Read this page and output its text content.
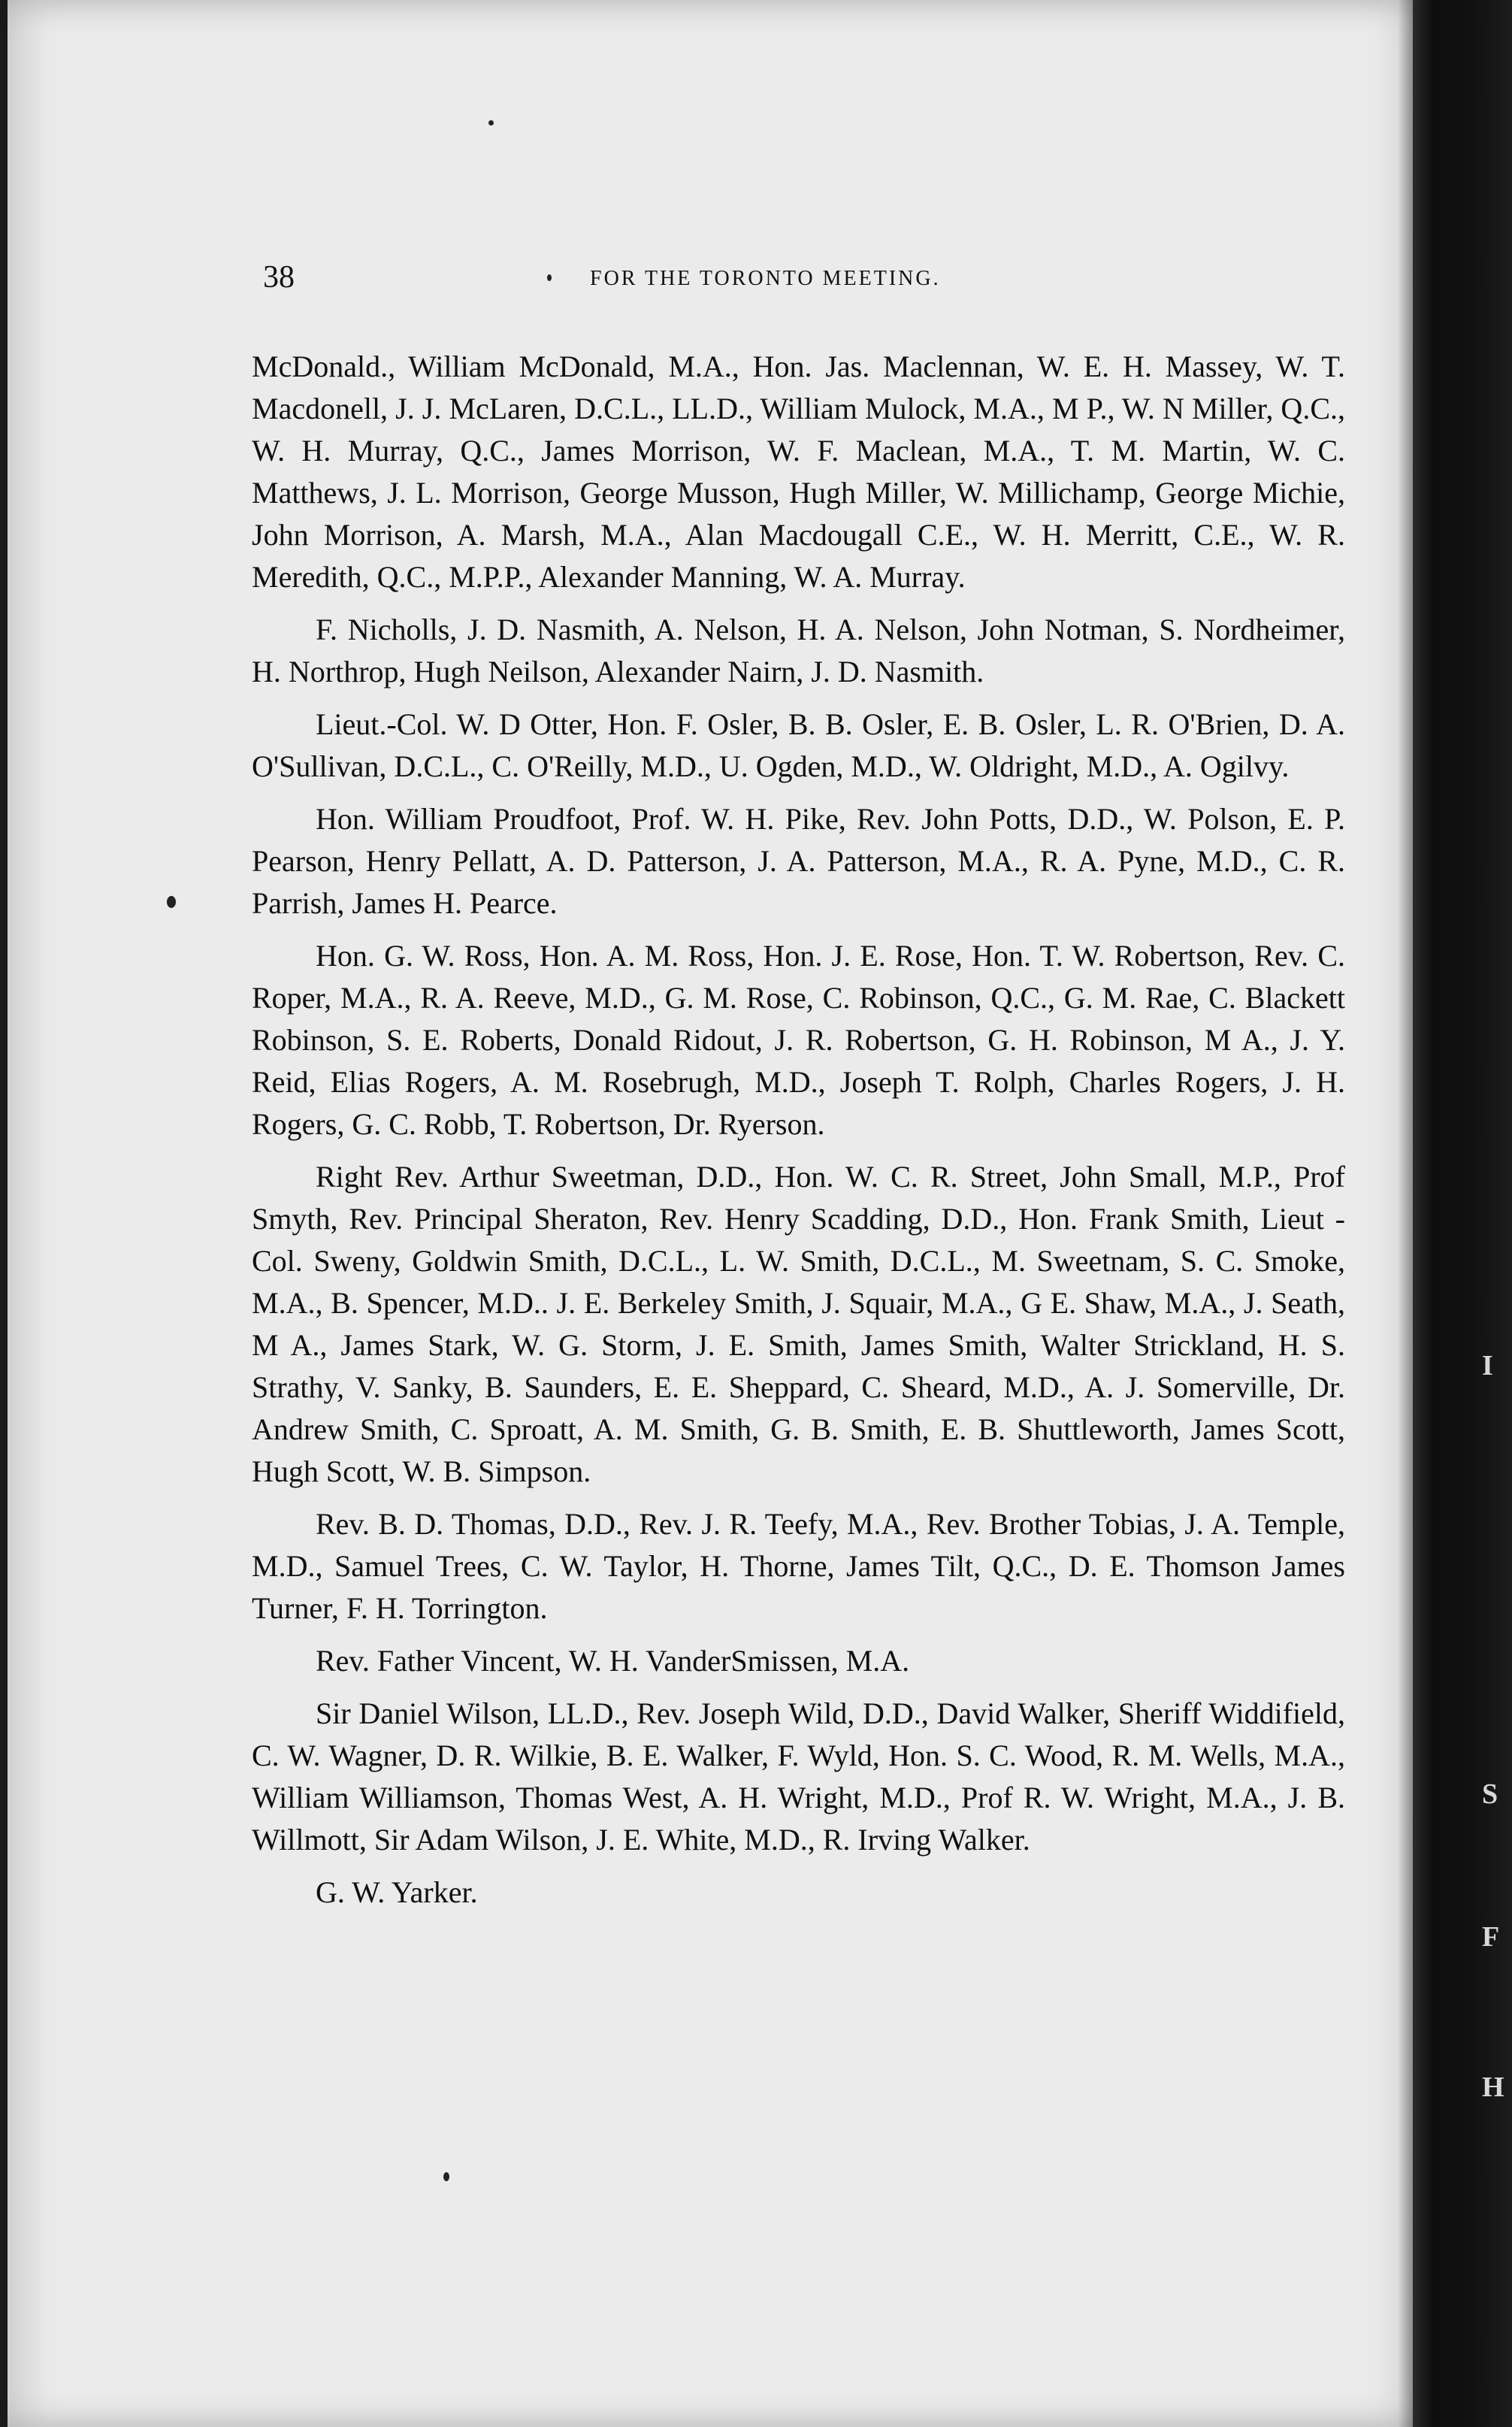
38	FOR THE TORONTO MEETING.

McDonald., William McDonald, M.A., Hon. Jas. Maclennan, W. E. H. Massey, W. T. Macdonell, J. J. McLaren, D.C.L., LL.D., William Mulock, M.A., M P., W. N Miller, Q.C., W. H. Murray, Q.C., James Morrison, W. F. Maclean, M.A., T. M. Martin, W. C. Matthews, J. L. Morrison, George Musson, Hugh Miller, W. Millichamp, George Michie, John Morrison, A. Marsh, M.A., Alan Macdougall C.E., W. H. Merritt, C.E., W. R. Meredith, Q.C., M.P.P., Alexander Manning, W. A. Murray.

F. Nicholls, J. D. Nasmith, A. Nelson, H. A. Nelson, John Notman, S. Nordheimer, H. Northrop, Hugh Neilson, Alexander Nairn, J. D. Nasmith.

Lieut.-Col. W. D Otter, Hon. F. Osler, B. B. Osler, E. B. Osler, L. R. O'Brien, D. A. O'Sullivan, D.C.L., C. O'Reilly, M.D., U. Ogden, M.D., W. Oldright, M.D., A. Ogilvy.

Hon. William Proudfoot, Prof. W. H. Pike, Rev. John Potts, D.D., W. Polson, E. P. Pearson, Henry Pellatt, A. D. Patterson, J. A. Patterson, M.A., R. A. Pyne, M.D., C. R. Parrish, James H. Pearce.

Hon. G. W. Ross, Hon. A. M. Ross, Hon. J. E. Rose, Hon. T. W. Robertson, Rev. C. Roper, M.A., R. A. Reeve, M.D., G. M. Rose, C. Robinson, Q.C., G. M. Rae, C. Blackett Robinson, S. E. Roberts, Donald Ridout, J. R. Robertson, G. H. Robinson, M A., J. Y. Reid, Elias Rogers, A. M. Rosebrugh, M.D., Joseph T. Rolph, Charles Rogers, J. H. Rogers, G. C. Robb, T. Robertson, Dr. Ryerson.

Right Rev. Arthur Sweetman, D.D., Hon. W. C. R. Street, John Small, M.P., Prof Smyth, Rev. Principal Sheraton, Rev. Henry Scadding, D.D., Hon. Frank Smith, Lieut -Col. Sweny, Goldwin Smith, D.C.L., L. W. Smith, D.C.L., M. Sweetnam, S. C. Smoke, M.A., B. Spencer, M.D.. J. E. Berkeley Smith, J. Squair, M.A., G E. Shaw, M.A., J. Seath, M A., James Stark, W. G. Storm, J. E. Smith, James Smith, Walter Strickland, H. S. Strathy, V. Sanky, B. Saunders, E. E. Sheppard, C. Sheard, M.D., A. J. Somerville, Dr. Andrew Smith, C. Sproatt, A. M. Smith, G. B. Smith, E. B. Shuttleworth, James Scott, Hugh Scott, W. B. Simpson.

Rev. B. D. Thomas, D.D., Rev. J. R. Teefy, M.A., Rev. Brother Tobias, J. A. Temple, M.D., Samuel Trees, C. W. Taylor, H. Thorne, James Tilt, Q.C., D. E. Thomson James Turner, F. H. Torrington.

Rev. Father Vincent, W. H. VanderSmissen, M.A.

Sir Daniel Wilson, LL.D., Rev. Joseph Wild, D.D., David Walker, Sheriff Widdifield, C. W. Wagner, D. R. Wilkie, B. E. Walker, F. Wyld, Hon. S. C. Wood, R. M. Wells, M.A., William Williamson, Thomas West, A. H. Wright, M.D., Prof R. W. Wright, M.A., J. B. Willmott, Sir Adam Wilson, J. E. White, M.D., R. Irving Walker.

G. W. Yarker.

I
S
F
H
